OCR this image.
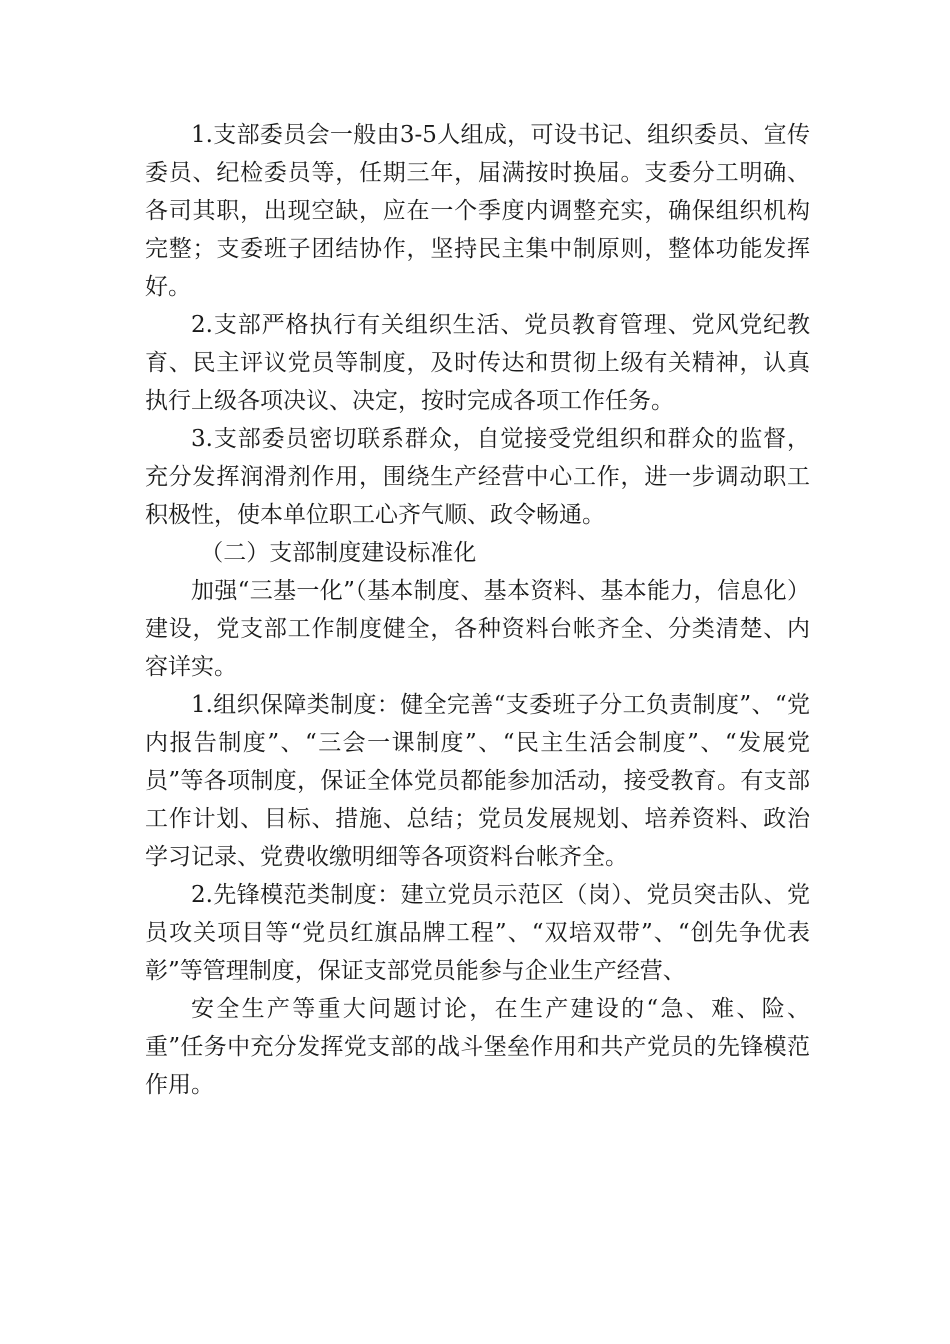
1.支部委员会一般由3-5人组成，可设书记、组织委员、宣传委员、纪检委员等，任期三年，届满按时换届。支委分工明确、各司其职，出现空缺，应在一个季度内调整充实，确保组织机构完整；支委班子团结协作，坚持民主集中制原则，整体功能发挥好。

2.支部严格执行有关组织生活、党员教育管理、党风党纪教育、民主评议党员等制度，及时传达和贯彻上级有关精神，认真执行上级各项决议、决定，按时完成各项工作任务。

3.支部委员密切联系群众，自觉接受党组织和群众的监督，充分发挥润滑剂作用，围绕生产经营中心工作，进一步调动职工积极性，使本单位职工心齐气顺、政令畅通。

（二）支部制度建设标准化

加强“三基一化”（基本制度、基本资料、基本能力，信息化）建设，党支部工作制度健全，各种资料台帐齐全、分类清楚、内容详实。

1.组织保障类制度：健全完善“支委班子分工负责制度”、“党内报告制度”、“三会一课制度”、“民主生活会制度”、“发展党员”等各项制度，保证全体党员都能参加活动，接受教育。有支部工作计划、目标、措施、总结；党员发展规划、培养资料、政治学习记录、党费收缴明细等各项资料台帐齐全。

2.先锋模范类制度：建立党员示范区（岗）、党员突击队、党员攻关项目等“党员红旗品牌工程”、“双培双带”、“创先争优表彰”等管理制度，保证支部党员能参与企业生产经营、

安全生产等重大问题讨论，在生产建设的“急、难、险、重”任务中充分发挥党支部的战斗堡垒作用和共产党员的先锋模范作用。
